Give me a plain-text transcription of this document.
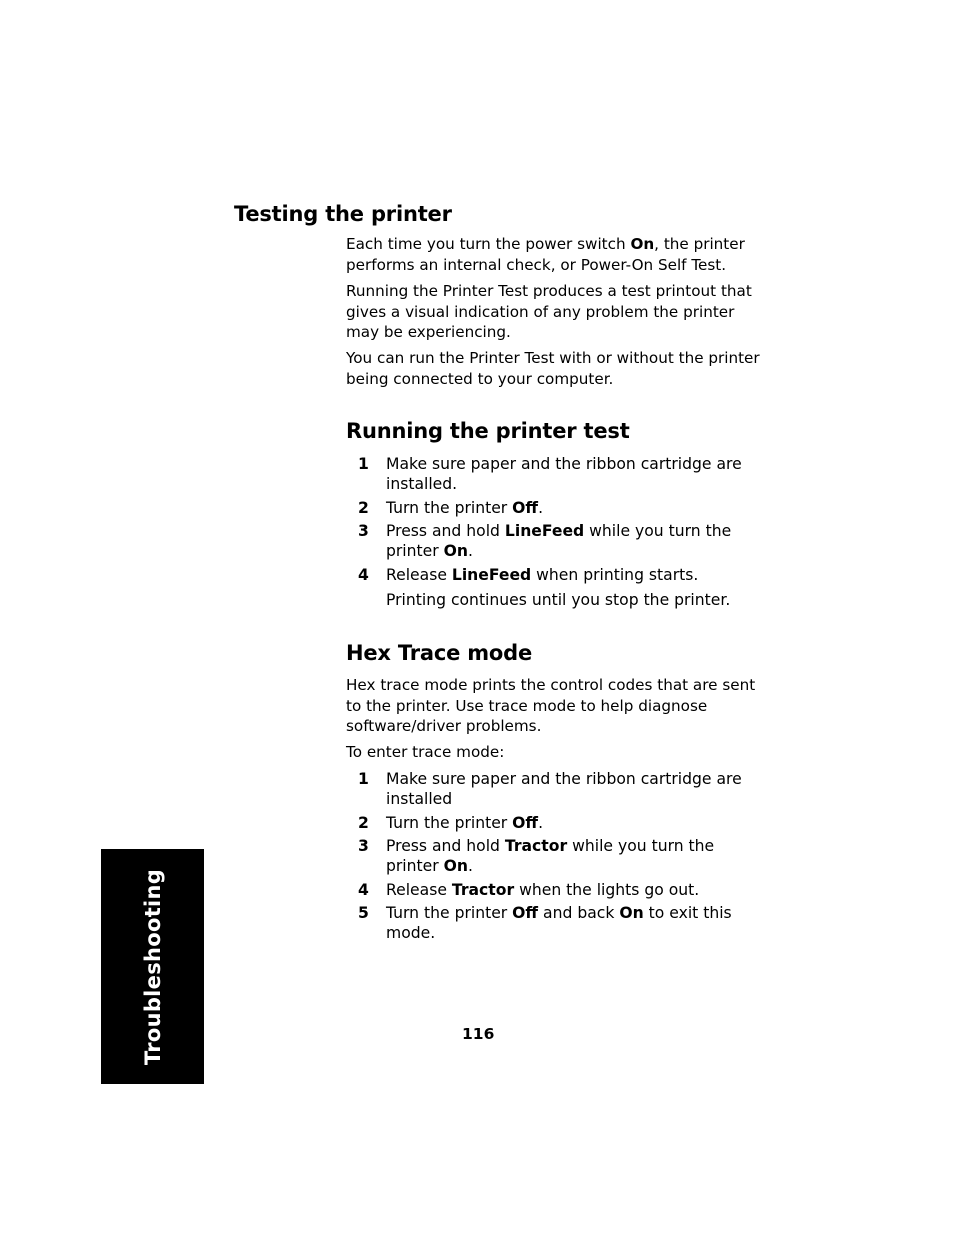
Testing the printer

Each time you turn the power switch On, the printer performs an internal check, or Power-On Self Test.

Running the Printer Test produces a test printout that gives a visual indication of any problem the printer may be experiencing.

You can run the Printer Test with or without the printer being connected to your computer.

Running the printer test
1 Make sure paper and the ribbon cartridge are installed.
2 Turn the printer Off.
3 Press and hold LineFeed while you turn the printer On.
4 Release LineFeed when printing starts.

Printing continues until you stop the printer.

Hex Trace mode

Hex trace mode prints the control codes that are sent to the printer. Use trace mode to help diagnose software/driver problems.

To enter trace mode:

1 Make sure paper and the ribbon cartridge are installed
2 Turn the printer Off.
3 Press and hold Tractor while you turn the printer On.
4 Release Tractor when the lights go out.
5 Turn the printer Off and back On to exit this mode.
Troubleshooting	116
